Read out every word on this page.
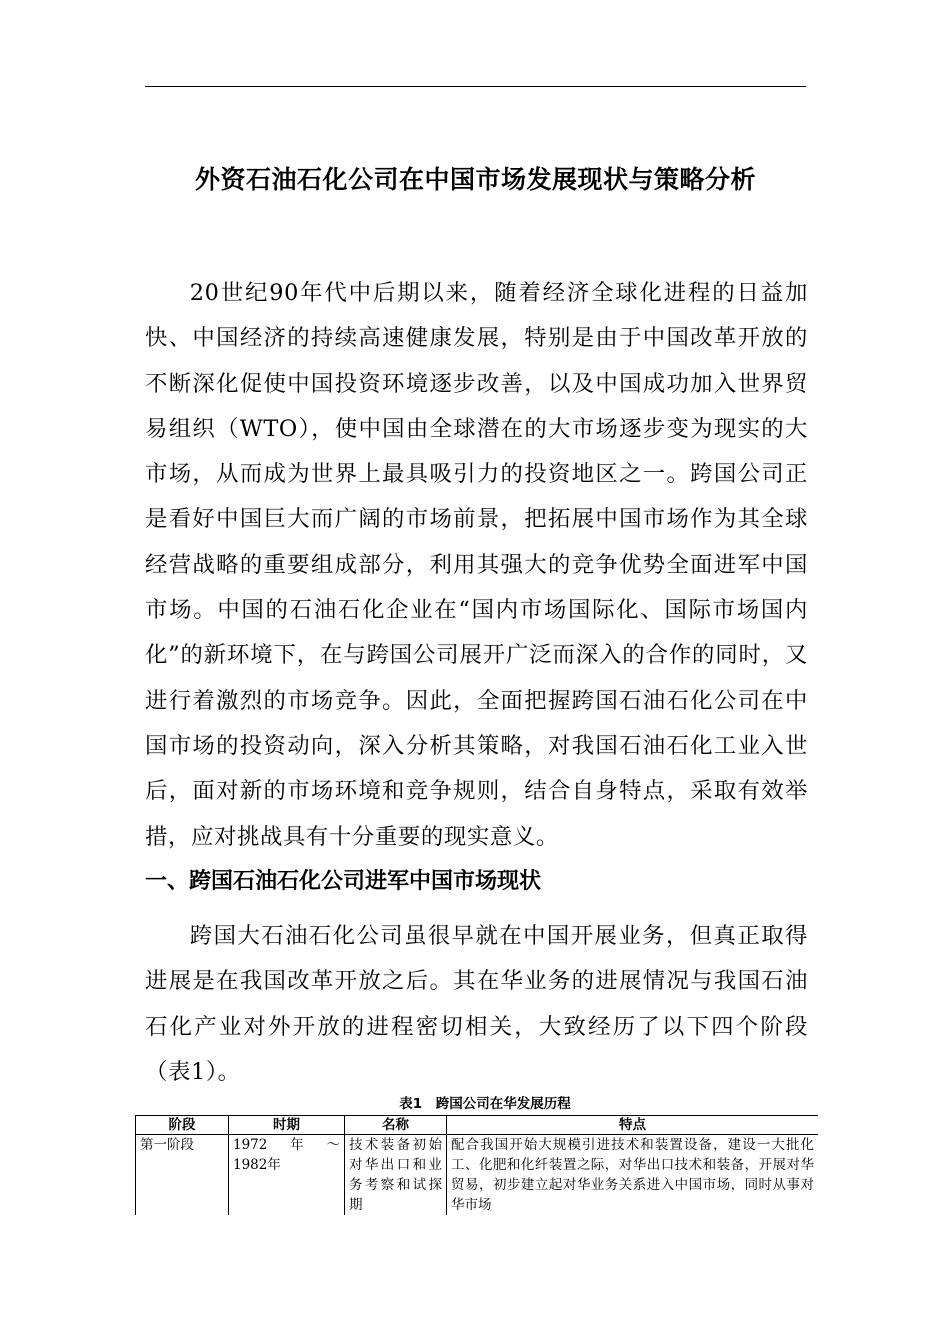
外资石油石化公司在中国市场发展现状与策略分析

20世纪90年代中后期以来，随着经济全球化进程的日益加快、中国经济的持续高速健康发展，特别是由于中国改革开放的不断深化促使中国投资环境逐步改善，以及中国成功加入世界贸易组织（WTO），使中国由全球潜在的大市场逐步变为现实的大市场，从而成为世界上最具吸引力的投资地区之一。跨国公司正是看好中国巨大而广阔的市场前景，把拓展中国市场作为其全球经营战略的重要组成部分，利用其强大的竞争优势全面进军中国市场。中国的石油石化企业在“国内市场国际化、国际市场国内化”的新环境下，在与跨国公司展开广泛而深入的合作的同时，又进行着激烈的市场竞争。因此，全面把握跨国石油石化公司在中国市场的投资动向，深入分析其策略，对我国石油石化工业入世后，面对新的市场环境和竞争规则，结合自身特点，采取有效举措，应对挑战具有十分重要的现实意义。

一、跨国石油石化公司进军中国市场现状

跨国大石油石化公司虽很早就在中国开展业务，但真正取得进展是在我国改革开放之后。其在华业务的进展情况与我国石油石化产业对外开放的进程密切相关，大致经历了以下四个阶段（表1）。

表1　跨国公司在华发展历程
阶段	时期	名称	特点
第一阶段	1972　年　～1982年	技术装备初始对华出口和业务考察和试探期	配合我国开始大规模引进技术和装置设备，建设一大批化工、化肥和化纤装置之际，对华出口技术和装备，开展对华贸易，初步建立起对华业务关系进入中国市场，同时从事对华市场
